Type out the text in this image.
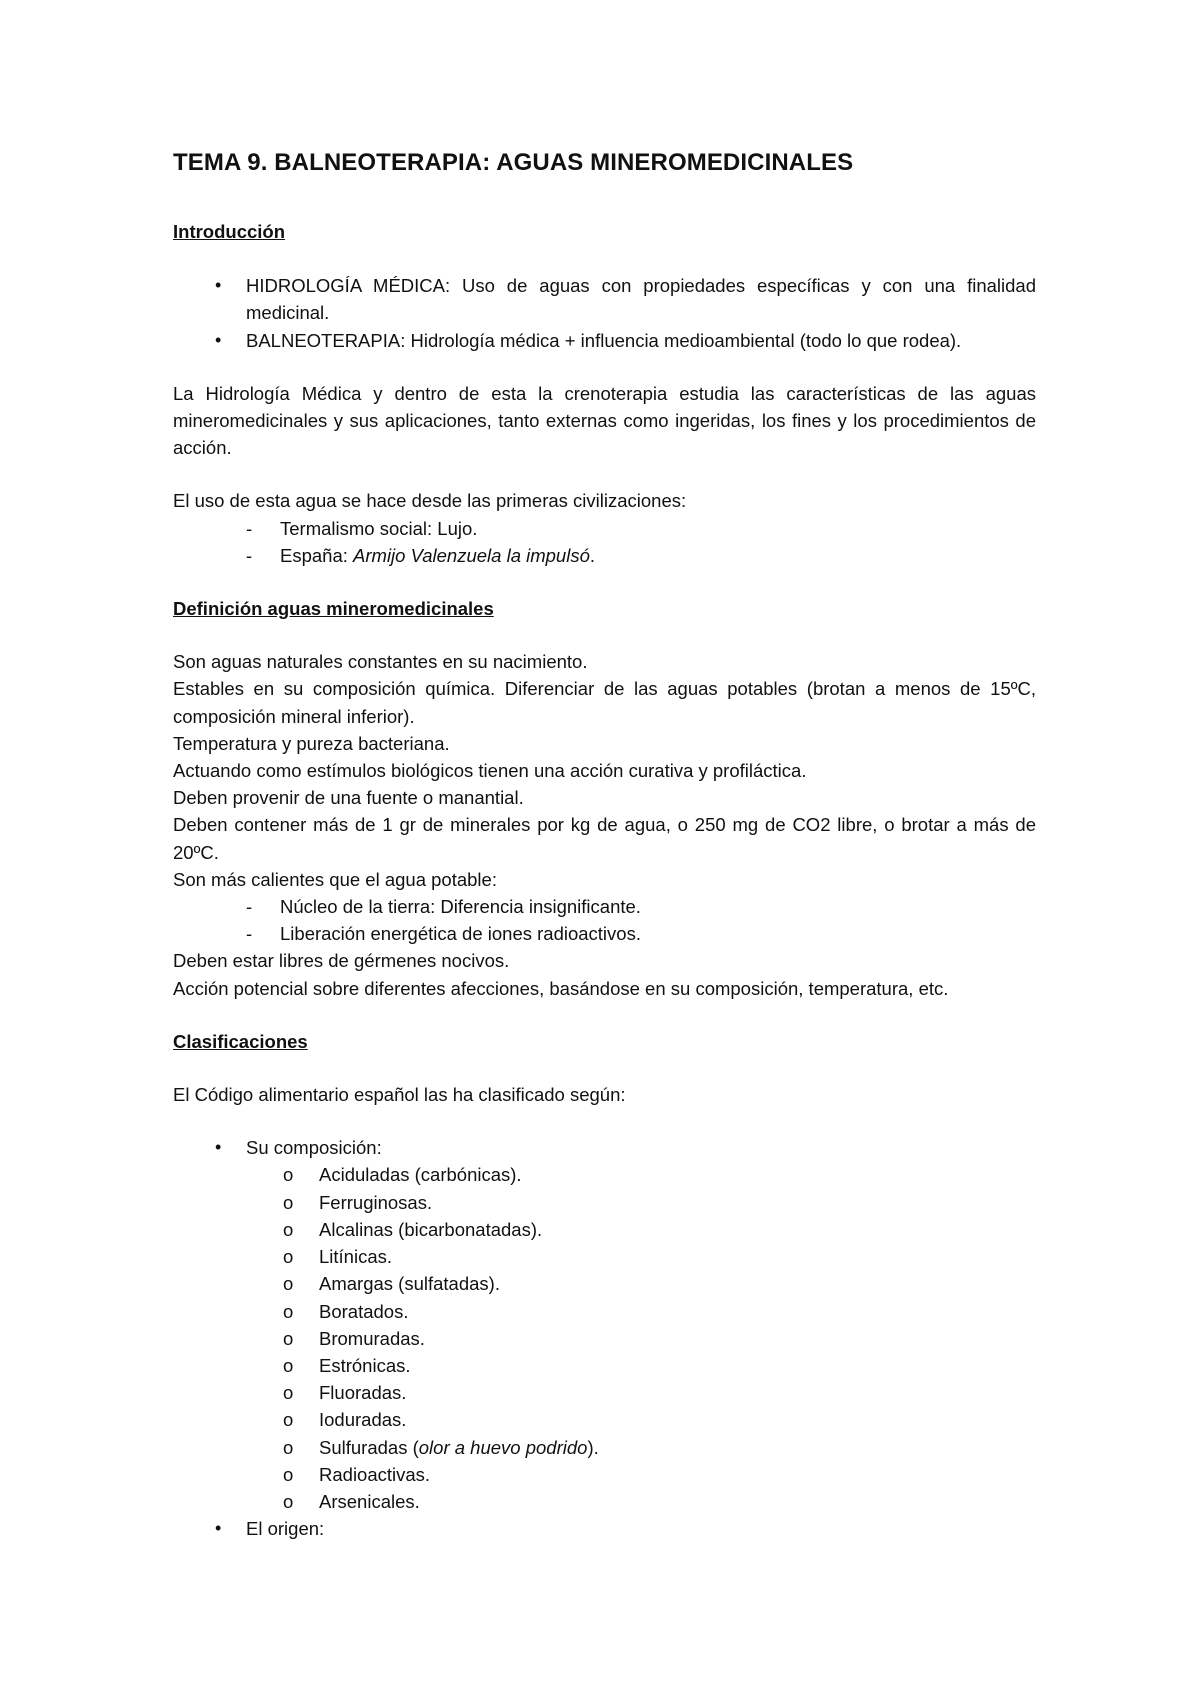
TEMA 9. BALNEOTERAPIA: AGUAS MINEROMEDICINALES
Introducción
• HIDROLOGÍA MÉDICA: Uso de aguas con propiedades específicas y con una finalidad medicinal.
• BALNEOTERAPIA: Hidrología médica + influencia medioambiental (todo lo que rodea).

La Hidrología Médica y dentro de esta la crenoterapia estudia las características de las aguas mineromedicinales y sus aplicaciones, tanto externas como ingeridas, los fines y los procedimientos de acción.

El uso de esta agua se hace desde las primeras civilizaciones:

- Termalismo social: Lujo.
- España: Armijo Valenzuela la impulsó.
Definición aguas mineromedicinales

Son aguas naturales constantes en su nacimiento.

Estables en su composición química. Diferenciar de las aguas potables (brotan a menos de 15ºC, composición mineral inferior).

Temperatura y pureza bacteriana.

Actuando como estímulos biológicos tienen una acción curativa y profiláctica.

Deben provenir de una fuente o manantial.

Deben contener más de 1 gr de minerales por kg de agua, o 250 mg de CO2 libre, o brotar a más de 20ºC.

Son más calientes que el agua potable:

- Núcleo de la tierra: Diferencia insignificante.
- Liberación energética de iones radioactivos.

Deben estar libres de gérmenes nocivos.

Acción potencial sobre diferentes afecciones, basándose en su composición, temperatura, etc.

Clasificaciones

El Código alimentario español las ha clasificado según:

• Su composición:
o Aciduladas (carbónicas).
o Ferruginosas.
o Alcalinas (bicarbonatadas).
o Litínicas.
o Amargas (sulfatadas).
o Boratados.
o Bromuradas.
o Estrónicas.
o Fluoradas.
o Ioduradas.
o Sulfuradas (olor a huevo podrido).
o Radioactivas.
o Arsenicales.
• El origen:
